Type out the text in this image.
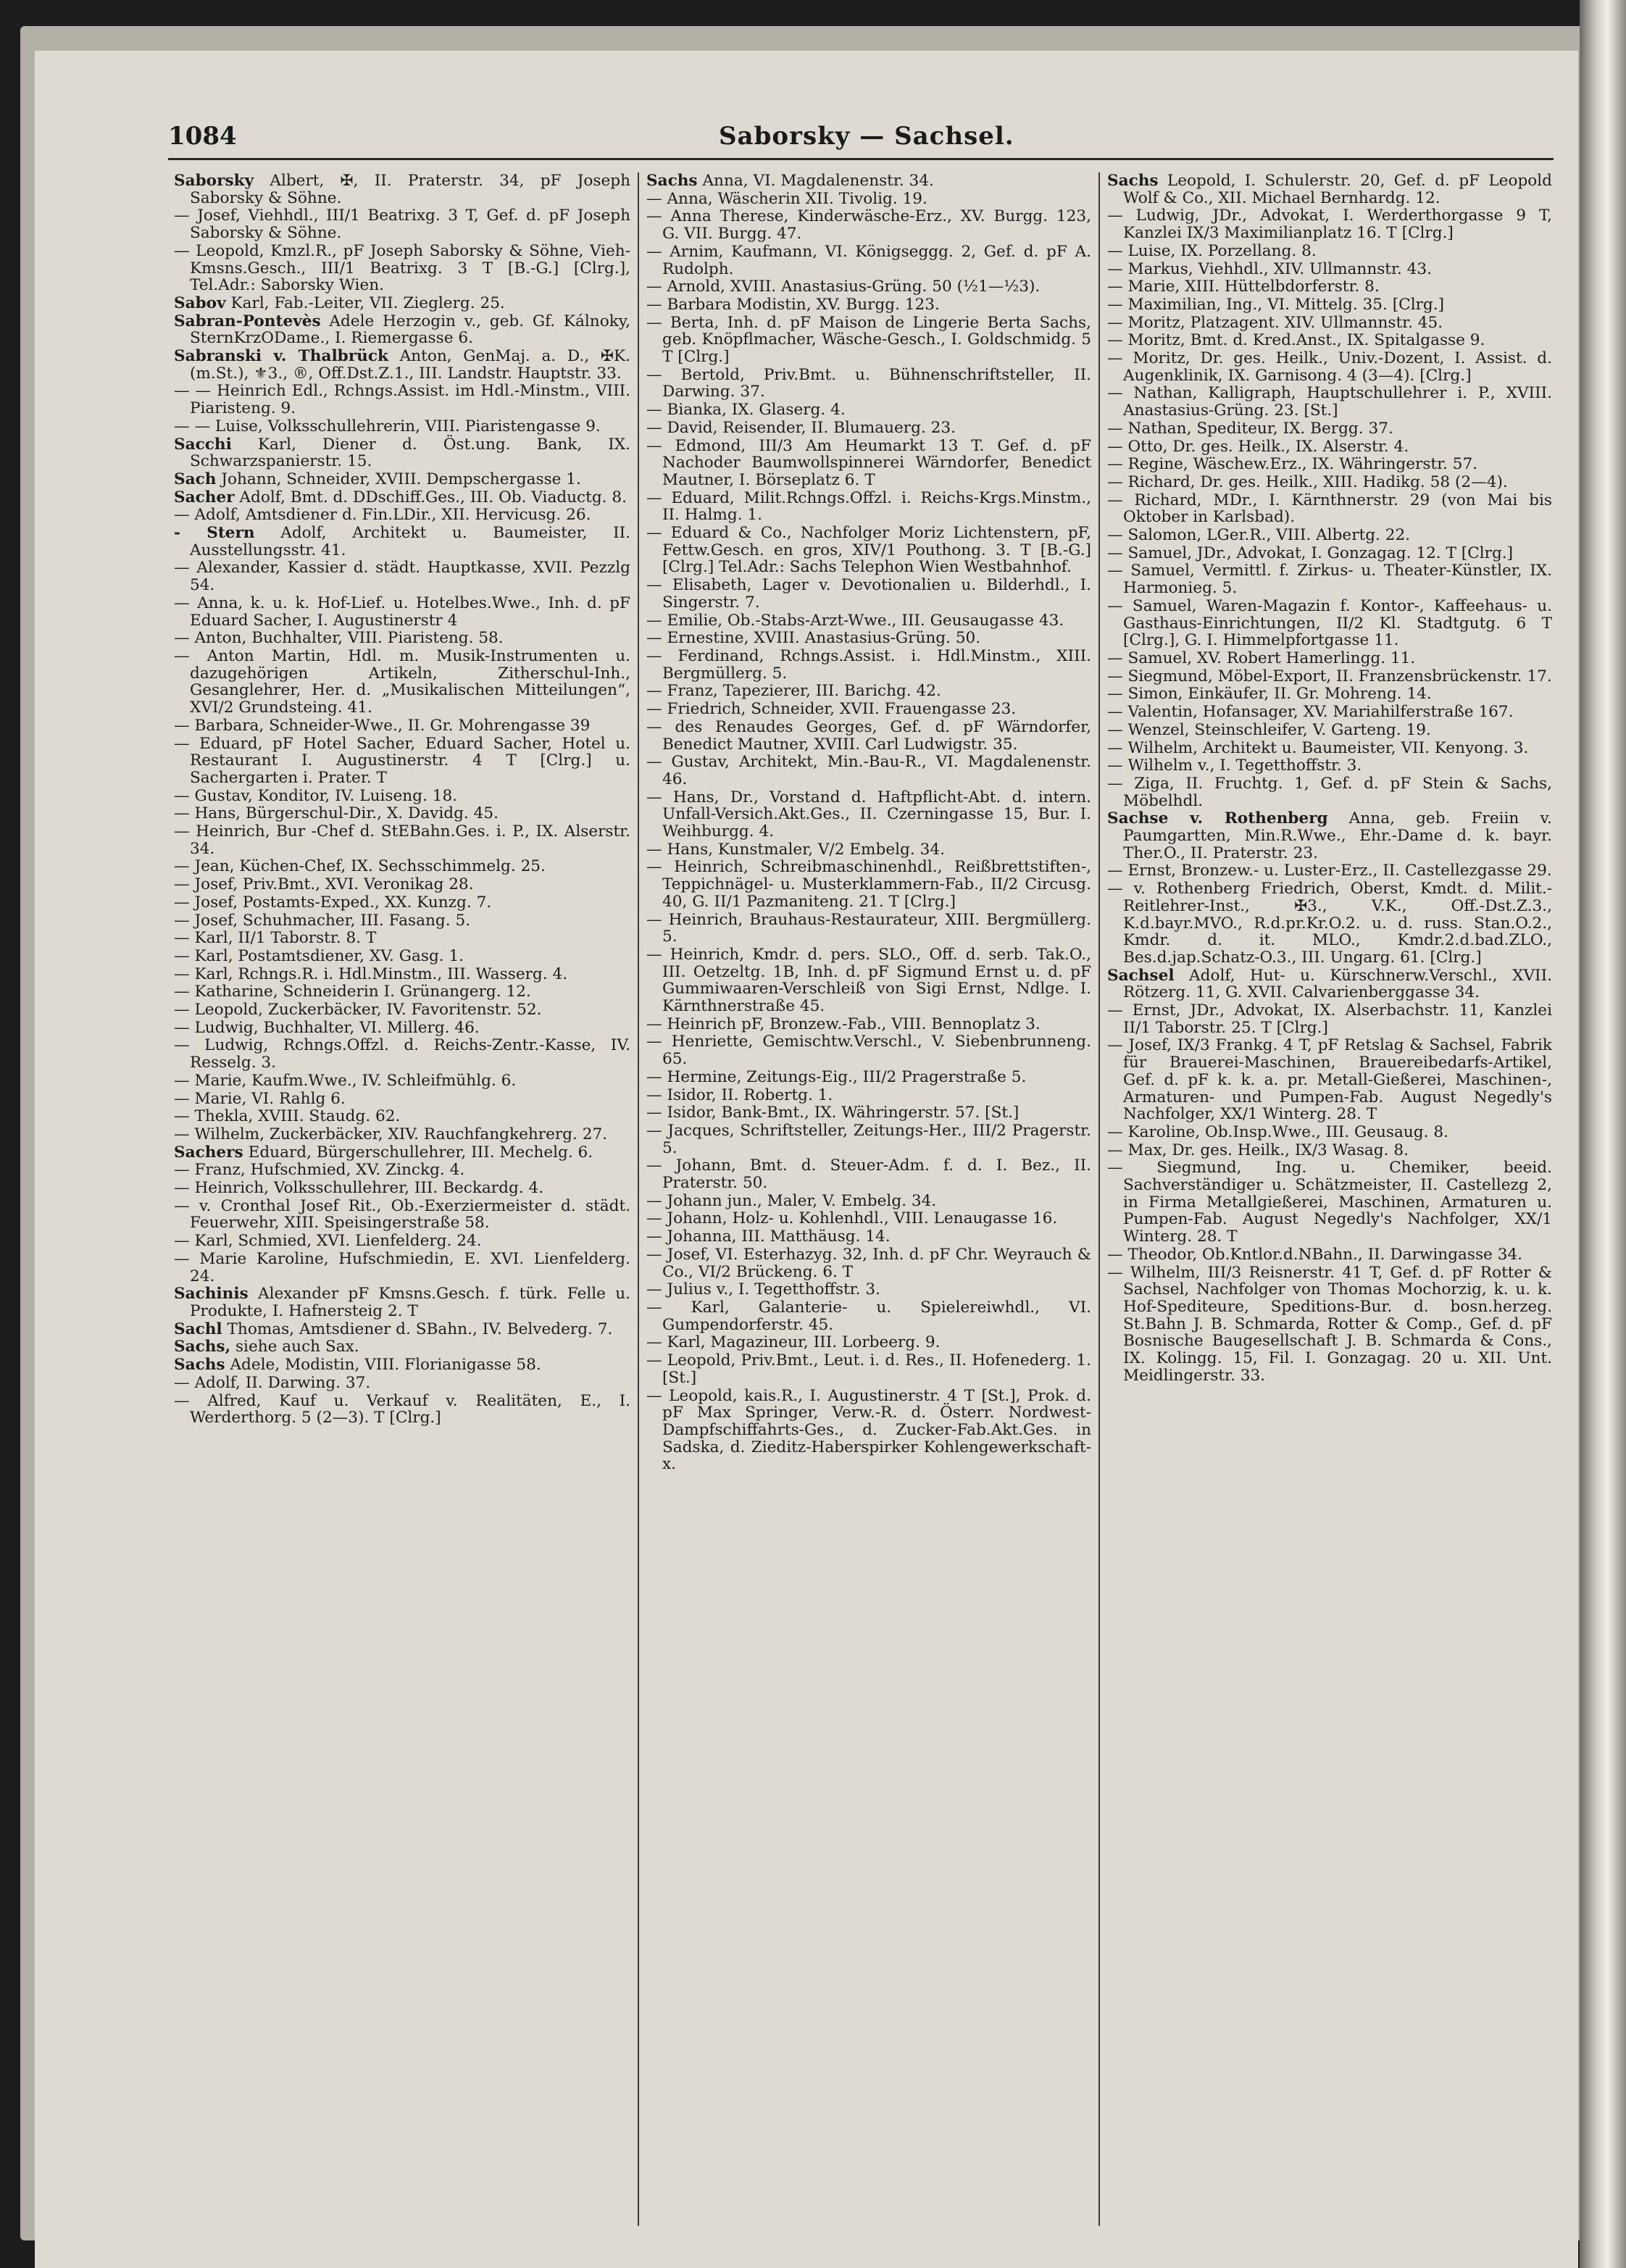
1084	Saborsky — Sachsel.
Saborsky Albert, ✠, II. Praterstr. 34, pF Joseph Saborsky & Söhne.
— Josef, Viehhdl., III/1 Beatrixg. 3 T, Gef. d. pF Joseph Saborsky & Söhne.
— Leopold, Kmzl.R., pF Joseph Saborsky & Söhne, Vieh-Kmsns.Gesch., III/1 Beatrixg. 3 T [B.-G.] [Clrg.], Tel.Adr.: Saborsky Wien.
Sabov Karl, Fab.-Leiter, VII. Zieglerg. 25.
Sabran-Pontevès Adele Herzogin v., geb. Gf. Kálnoky, SternKrzODame., I. Riemergasse 6.
Sabranski v. Thalbrück Anton, GenMaj. a. D., ✠K.(m.St.), ⚜3., ®, Off.Dst.Z.1., III. Landstr. Hauptstr. 33.
— — Heinrich Edl., Rchngs.Assist. im Hdl.-Minstm., VIII. Piaristeng. 9.
— — Luise, Volksschullehrerin, VIII. Piaristengasse 9.
Sacchi Karl, Diener d. Öst.ung. Bank, IX. Schwarzspanierstr. 15.
Sach Johann, Schneider, XVIII. Dempschergasse 1.
Sacher Adolf, Bmt. d. DDschiff.Ges., III. Ob. Viaductg. 8.
— Adolf, Amtsdiener d. Fin.LDir., XII. Hervicusg. 26.
- Stern Adolf, Architekt u. Baumeister, II. Ausstellungsstr. 41.
— Alexander, Kassier d. städt. Hauptkasse, XVII. Pezzlg 54.
— Anna, k. u. k. Hof-Lief. u. Hotelbes.Wwe., Inh. d. pF Eduard Sacher, I. Augustinerstr 4
— Anton, Buchhalter, VIII. Piaristeng. 58.
— Anton Martin, Hdl. m. Musik-Instrumenten u. dazugehörigen Artikeln, Zitherschul-Inh., Gesanglehrer, Her. d. „Musikalischen Mitteilungen“, XVI/2 Grundsteing. 41.
— Barbara, Schneider-Wwe., II. Gr. Mohrengasse 39
— Eduard, pF Hotel Sacher, Eduard Sacher, Hotel u. Restaurant I. Augustinerstr. 4 T [Clrg.] u. Sachergarten i. Prater. T
— Gustav, Konditor, IV. Luiseng. 18.
— Hans, Bürgerschul-Dir., X. Davidg. 45.
— Heinrich, Bur -Chef d. StEBahn.Ges. i. P., IX. Alserstr. 34.
— Jean, Küchen-Chef, IX. Sechsschimmelg. 25.
— Josef, Priv.Bmt., XVI. Veronikag 28.
— Josef, Postamts-Exped., XX. Kunzg. 7.
— Josef, Schuhmacher, III. Fasang. 5.
— Karl, II/1 Taborstr. 8. T
— Karl, Postamtsdiener, XV. Gasg. 1.
— Karl, Rchngs.R. i. Hdl.Minstm., III. Wasserg. 4.
— Katharine, Schneiderin I. Grünangerg. 12.
— Leopold, Zuckerbäcker, IV. Favoritenstr. 52.
— Ludwig, Buchhalter, VI. Millerg. 46.
— Ludwig, Rchngs.Offzl. d. Reichs-Zentr.-Kasse, IV. Resselg. 3.
— Marie, Kaufm.Wwe., IV. Schleifmühlg. 6.
— Marie, VI. Rahlg 6.
— Thekla, XVIII. Staudg. 62.
— Wilhelm, Zuckerbäcker, XIV. Rauchfangkehrerg. 27.
Sachers Eduard, Bürgerschullehrer, III. Mechelg. 6.
— Franz, Hufschmied, XV. Zinckg. 4.
— Heinrich, Volksschullehrer, III. Beckardg. 4.
— v. Cronthal Josef Rit., Ob.-Exerziermeister d. städt. Feuerwehr, XIII. Speisingerstraße 58.
— Karl, Schmied, XVI. Lienfelderg. 24.
— Marie Karoline, Hufschmiedin, E. XVI. Lienfelderg. 24.
Sachinis Alexander pF Kmsns.Gesch. f. türk. Felle u. Produkte, I. Hafnersteig 2. T
Sachl Thomas, Amtsdiener d. SBahn., IV. Belvederg. 7.
Sachs, siehe auch Sax.
Sachs Adele, Modistin, VIII. Florianigasse 58.
— Adolf, II. Darwing. 37.
— Alfred, Kauf u. Verkauf v. Realitäten, E., I. Werderthorg. 5 (2—3). T [Clrg.]
Sachs Anna, VI. Magdalenenstr. 34.
— Anna, Wäscherin XII. Tivolig. 19.
— Anna Therese, Kinderwäsche-Erz., XV. Burgg. 123, G. VII. Burgg. 47.
— Arnim, Kaufmann, VI. Königseggg. 2, Gef. d. pF A. Rudolph.
— Arnold, XVIII. Anastasius-Grüng. 50 (½1—½3).
— Barbara Modistin, XV. Burgg. 123.
— Berta, Inh. d. pF Maison de Lingerie Berta Sachs, geb. Knöpflmacher, Wäsche-Gesch., I. Goldschmidg. 5 T [Clrg.]
— Bertold, Priv.Bmt. u. Bühnenschriftsteller, II. Darwing. 37.
— Bianka, IX. Glaserg. 4.
— David, Reisender, II. Blumauerg. 23.
— Edmond, III/3 Am Heumarkt 13 T. Gef. d. pF Nachoder Baumwollspinnerei Wärndorfer, Benedict Mautner, I. Börseplatz 6. T
— Eduard, Milit.Rchngs.Offzl. i. Reichs-Krgs.Minstm., II. Halmg. 1.
— Eduard & Co., Nachfolger Moriz Lichtenstern, pF, Fettw.Gesch. en gros, XIV/1 Pouthong. 3. T [B.-G.] [Clrg.] Tel.Adr.: Sachs Telephon Wien Westbahnhof.
— Elisabeth, Lager v. Devotionalien u. Bilderhdl., I. Singerstr. 7.
— Emilie, Ob.-Stabs-Arzt-Wwe., III. Geusaugasse 43.
— Ernestine, XVIII. Anastasius-Grüng. 50.
— Ferdinand, Rchngs.Assist. i. Hdl.Minstm., XIII. Bergmüllerg. 5.
— Franz, Tapezierer, III. Barichg. 42.
— Friedrich, Schneider, XVII. Frauengasse 23.
— des Renaudes Georges, Gef. d. pF Wärndorfer, Benedict Mautner, XVIII. Carl Ludwigstr. 35.
— Gustav, Architekt, Min.-Bau-R., VI. Magdalenenstr. 46.
— Hans, Dr., Vorstand d. Haftpflicht-Abt. d. intern. Unfall-Versich.Akt.Ges., II. Czerningasse 15, Bur. I. Weihburgg. 4.
— Hans, Kunstmaler, V/2 Embelg. 34.
— Heinrich, Schreibmaschinenhdl., Reißbrettstiften-, Teppichnägel- u. Musterklammern-Fab., II/2 Circusg. 40, G. II/1 Pazmaniteng. 21. T [Clrg.]
— Heinrich, Brauhaus-Restaurateur, XIII. Bergmüllerg. 5.
— Heinrich, Kmdr. d. pers. SLO., Off. d. serb. Tak.O., III. Oetzeltg. 1B, Inh. d. pF Sigmund Ernst u. d. pF Gummiwaaren-Verschleiß von Sigi Ernst, Ndlge. I. Kärnthnerstraße 45.
— Heinrich pF, Bronzew.-Fab., VIII. Bennoplatz 3.
— Henriette, Gemischtw.Verschl., V. Siebenbrunneng. 65.
— Hermine, Zeitungs-Eig., III/2 Pragerstraße 5.
— Isidor, II. Robertg. 1.
— Isidor, Bank-Bmt., IX. Währingerstr. 57. [St.]
— Jacques, Schriftsteller, Zeitungs-Her., III/2 Pragerstr. 5.
— Johann, Bmt. d. Steuer-Adm. f. d. I. Bez., II. Praterstr. 50.
— Johann jun., Maler, V. Embelg. 34.
— Johann, Holz- u. Kohlenhdl., VIII. Lenaugasse 16.
— Johanna, III. Matthäusg. 14.
— Josef, VI. Esterhazyg. 32, Inh. d. pF Chr. Weyrauch & Co., VI/2 Brückeng. 6. T
— Julius v., I. Tegetthoffstr. 3.
— Karl, Galanterie- u. Spielereiwhdl., VI. Gumpendorferstr. 45.
— Karl, Magazineur, III. Lorbeerg. 9.
— Leopold, Priv.Bmt., Leut. i. d. Res., II. Hofenederg. 1. [St.]
— Leopold, kais.R., I. Augustinerstr. 4 T [St.], Prok. d. pF Max Springer, Verw.-R. d. Österr. Nordwest-Dampfschiffahrts-Ges., d. Zucker-Fab.Akt.Ges. in Sadska, d. Zieditz-Haberspirker Kohlengewerkschaft- x.
Sachs Leopold, I. Schulerstr. 20, Gef. d. pF Leopold Wolf & Co., XII. Michael Bernhardg. 12.
— Ludwig, JDr., Advokat, I. Werderthorgasse 9 T, Kanzlei IX/3 Maximilianplatz 16. T [Clrg.]
— Luise, IX. Porzellang. 8.
— Markus, Viehhdl., XIV. Ullmannstr. 43.
— Marie, XIII. Hüttelbdorferstr. 8.
— Maximilian, Ing., VI. Mittelg. 35. [Clrg.]
— Moritz, Platzagent. XIV. Ullmannstr. 45.
— Moritz, Bmt. d. Kred.Anst., IX. Spitalgasse 9.
— Moritz, Dr. ges. Heilk., Univ.-Dozent, I. Assist. d. Augenklinik, IX. Garnisong. 4 (3—4). [Clrg.]
— Nathan, Kalligraph, Hauptschullehrer i. P., XVIII. Anastasius-Grüng. 23. [St.]
— Nathan, Spediteur, IX. Bergg. 37.
— Otto, Dr. ges. Heilk., IX. Alserstr. 4.
— Regine, Wäschew.Erz., IX. Währingerstr. 57.
— Richard, Dr. ges. Heilk., XIII. Hadikg. 58 (2—4).
— Richard, MDr., I. Kärnthnerstr. 29 (von Mai bis Oktober in Karlsbad).
— Salomon, LGer.R., VIII. Albertg. 22.
— Samuel, JDr., Advokat, I. Gonzagag. 12. T [Clrg.]
— Samuel, Vermittl. f. Zirkus- u. Theater-Künstler, IX. Harmonieg. 5.
— Samuel, Waren-Magazin f. Kontor-, Kaffeehaus- u. Gasthaus-Einrichtungen, II/2 Kl. Stadtgutg. 6 T [Clrg.], G. I. Himmelpfortgasse 11.
— Samuel, XV. Robert Hamerlingg. 11.
— Siegmund, Möbel-Export, II. Franzensbrückenstr. 17.
— Simon, Einkäufer, II. Gr. Mohreng. 14.
— Valentin, Hofansager, XV. Mariahilferstraße 167.
— Wenzel, Steinschleifer, V. Garteng. 19.
— Wilhelm, Architekt u. Baumeister, VII. Kenyong. 3.
— Wilhelm v., I. Tegetthoffstr. 3.
— Ziga, II. Fruchtg. 1, Gef. d. pF Stein & Sachs, Möbelhdl.
Sachse v. Rothenberg Anna, geb. Freiin v. Paumgartten, Min.R.Wwe., Ehr.-Dame d. k. bayr. Ther.O., II. Praterstr. 23.
— Ernst, Bronzew.- u. Luster-Erz., II. Castellezgasse 29.
— v. Rothenberg Friedrich, Oberst, Kmdt. d. Milit.-Reitlehrer-Inst., ✠3., V.K., Off.-Dst.Z.3., K.d.bayr.MVO., R.d.pr.Kr.O.2. u. d. russ. Stan.O.2., Kmdr. d. it. MLO., Kmdr.2.d.bad.ZLO., Bes.d.jap.Schatz-O.3., III. Ungarg. 61. [Clrg.]
Sachsel Adolf, Hut- u. Kürschnerw.Verschl., XVII. Rötzerg. 11, G. XVII. Calvarienberggasse 34.
— Ernst, JDr., Advokat, IX. Alserbachstr. 11, Kanzlei II/1 Taborstr. 25. T [Clrg.]
— Josef, IX/3 Frankg. 4 T, pF Retslag & Sachsel, Fabrik für Brauerei-Maschinen, Brauereibedarfs-Artikel, Gef. d. pF k. k. a. pr. Metall-Gießerei, Maschinen-, Armaturen- und Pumpen-Fab. August Negedly's Nachfolger, XX/1 Winterg. 28. T
— Karoline, Ob.Insp.Wwe., III. Geusaug. 8.
— Max, Dr. ges. Heilk., IX/3 Wasag. 8.
— Siegmund, Ing. u. Chemiker, beeid. Sachverständiger u. Schätzmeister, II. Castellezg 2, in Firma Metallgießerei, Maschinen, Armaturen u. Pumpen-Fab. August Negedly's Nachfolger, XX/1 Winterg. 28. T
— Theodor, Ob.Kntlor.d.NBahn., II. Darwingasse 34.
— Wilhelm, III/3 Reisnerstr. 41 T, Gef. d. pF Rotter & Sachsel, Nachfolger von Thomas Mochorzig, k. u. k. Hof-Spediteure, Speditions-Bur. d. bosn.herzeg. St.Bahn J. B. Schmarda, Rotter & Comp., Gef. d. pF Bosnische Baugesellschaft J. B. Schmarda & Cons., IX. Kolingg. 15, Fil. I. Gonzagag. 20 u. XII. Unt. Meidlingerstr. 33.
